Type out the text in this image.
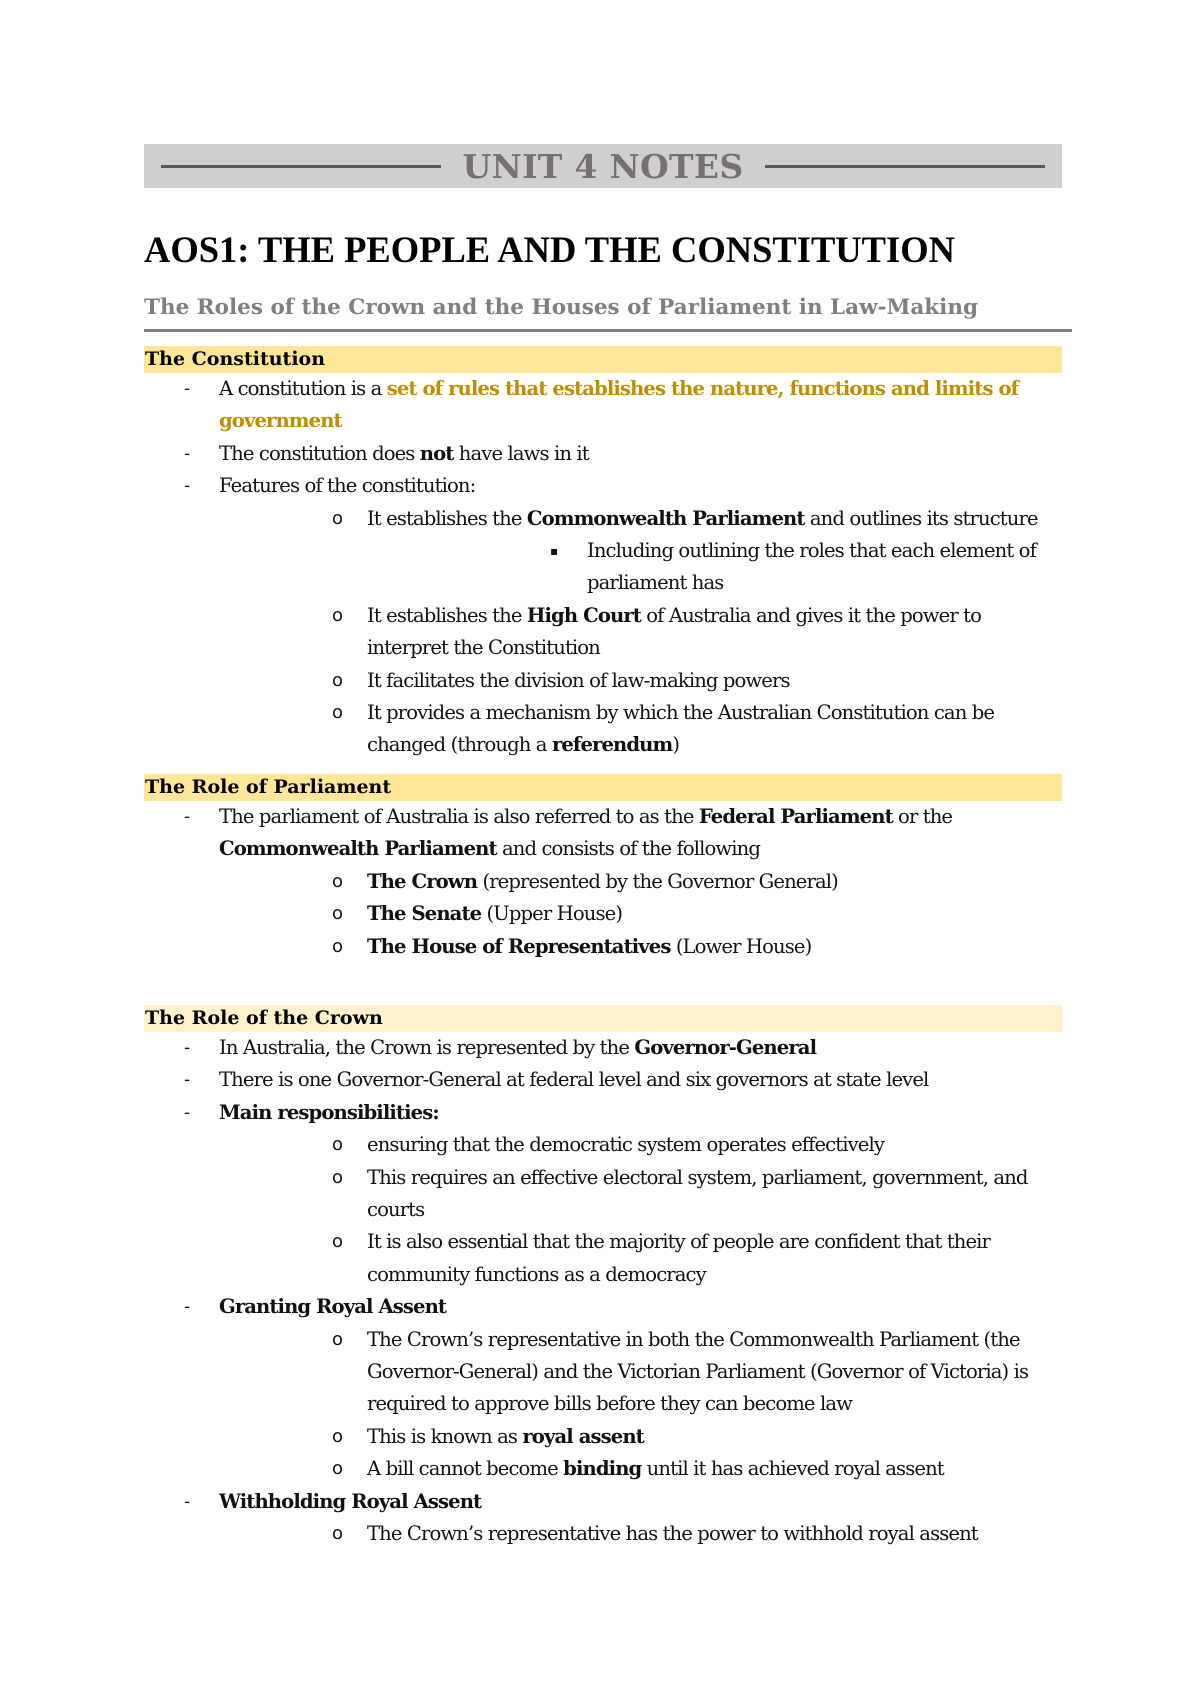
UNIT 4 NOTES
AOS1: THE PEOPLE AND THE CONSTITUTION
The Roles of the Crown and the Houses of Parliament in Law-Making
The Constitution
- A constitution is a set of rules that establishes the nature, functions and limits of government
- The constitution does not have laws in it
- Features of the constitution:
o It establishes the Commonwealth Parliament and outlines its structure
▪ Including outlining the roles that each element of parliament has
o It establishes the High Court of Australia and gives it the power to interpret the Constitution
o It facilitates the division of law-making powers
o It provides a mechanism by which the Australian Constitution can be changed (through a referendum)
The Role of Parliament
- The parliament of Australia is also referred to as the Federal Parliament or the Commonwealth Parliament and consists of the following
o The Crown (represented by the Governor General)
o The Senate (Upper House)
o The House of Representatives (Lower House)
The Role of the Crown
- In Australia, the Crown is represented by the Governor-General
- There is one Governor-General at federal level and six governors at state level
- Main responsibilities:
o ensuring that the democratic system operates effectively
o This requires an effective electoral system, parliament, government, and courts
o It is also essential that the majority of people are confident that their community functions as a democracy
- Granting Royal Assent
o The Crown’s representative in both the Commonwealth Parliament (the Governor-General) and the Victorian Parliament (Governor of Victoria) is required to approve bills before they can become law
o This is known as royal assent
o A bill cannot become binding until it has achieved royal assent
- Withholding Royal Assent
o The Crown’s representative has the power to withhold royal assent
